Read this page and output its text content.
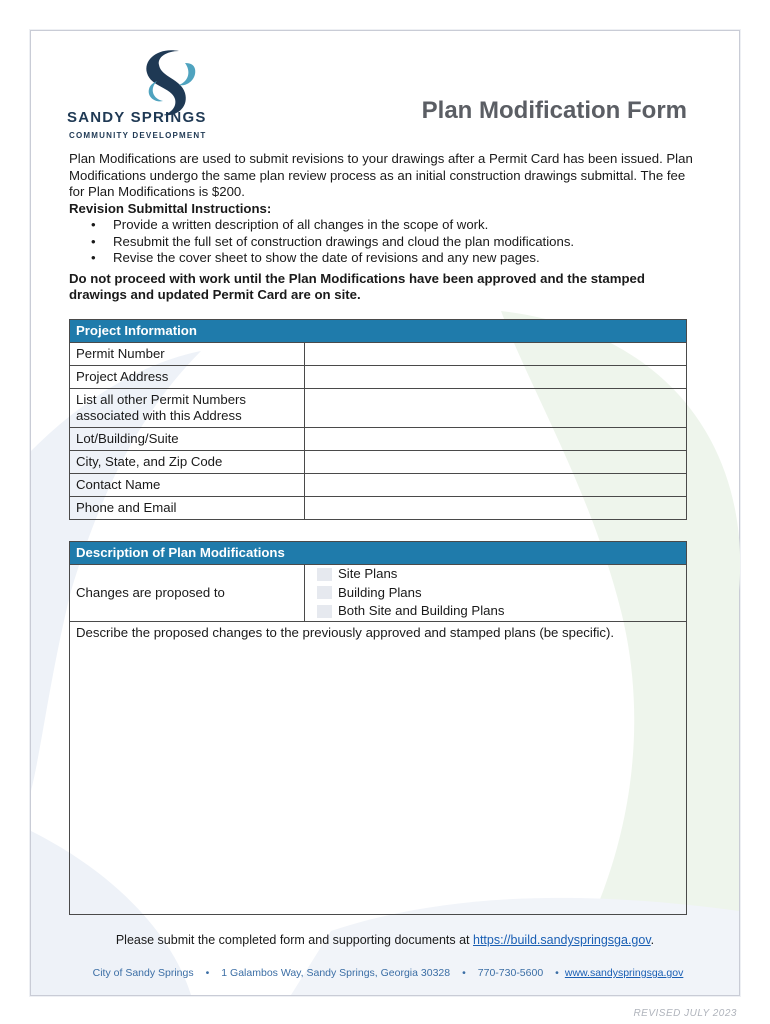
SANDY SPRINGS
COMMUNITY DEVELOPMENT
Plan Modification Form

Plan Modifications are used to submit revisions to your drawings after a Permit Card has been issued. Plan Modifications undergo the same plan review process as an initial construction drawings submittal. The fee for Plan Modifications is $200.

Revision Submittal Instructions:

• Provide a written description of all changes in the scope of work.
• Resubmit the full set of construction drawings and cloud the plan modifications.
• Revise the cover sheet to show the date of revisions and any new pages.

Do not proceed with work until the Plan Modifications have been approved and the stamped drawings and updated Permit Card are on site.

Project Information	
Permit Number	
Project Address	
List all other Permit Numbers associated with this Address	
Lot/Building/Suite	
City, State, and Zip Code	
Contact Name	
Phone and Email	
Description of Plan Modifications
Changes are proposed to	
Site Plans
Building Plans
Both Site and Building Plans

Describe the proposed changes to the previously approved and stamped plans (be specific).

Please submit the completed form and supporting documents at https://build.sandyspringsga.gov.
City of Sandy Springs • 1 Galambos Way, Sandy Springs, Georgia 30328 • 770-730-5600 • www.sandyspringsga.gov
REVISED JULY 2023
